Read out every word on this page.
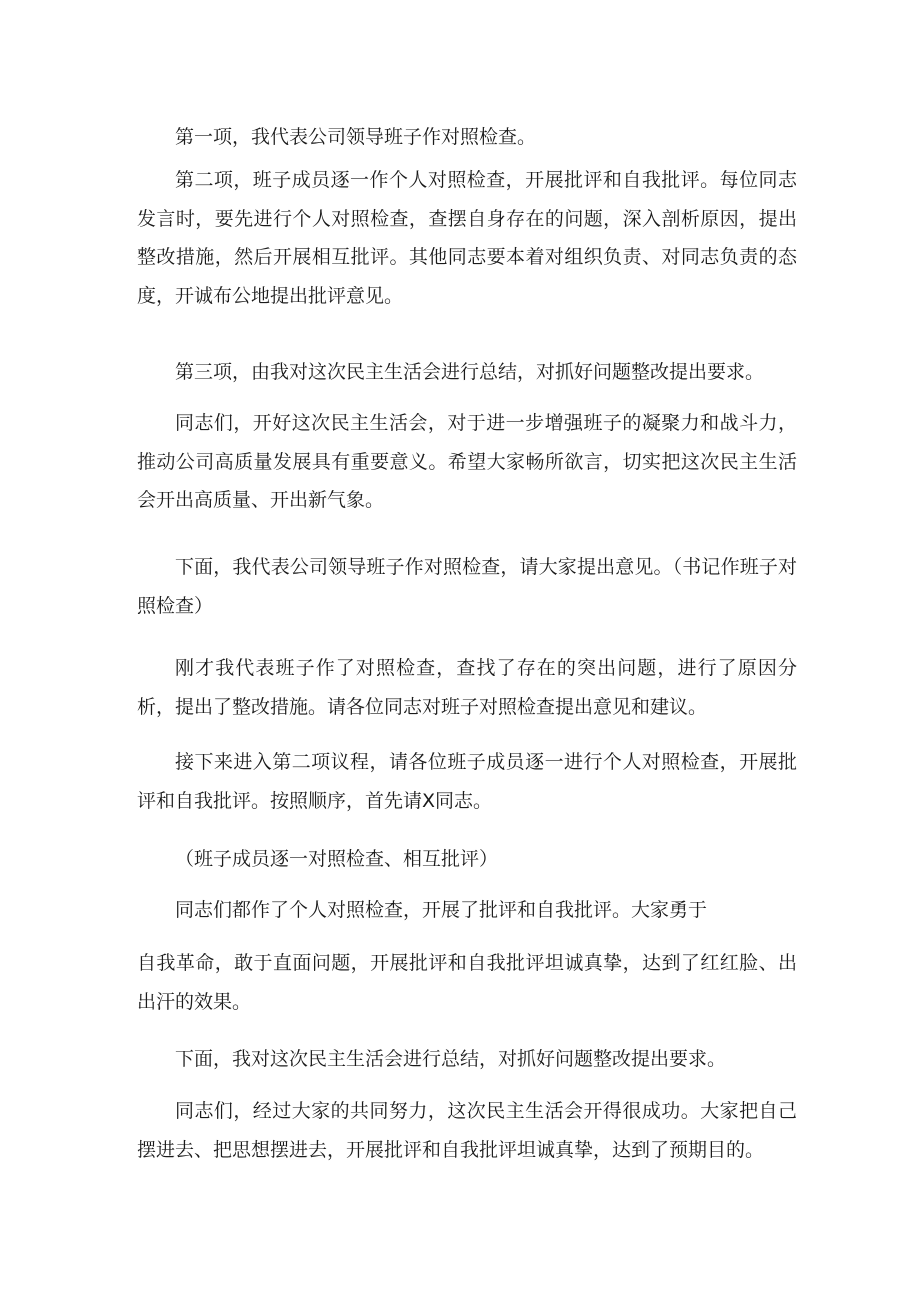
第一项，我代表公司领导班子作对照检查。

第二项，班子成员逐一作个人对照检查，开展批评和自我批评。每位同志发言时，要先进行个人对照检查，查摆自身存在的问题，深入剖析原因，提出整改措施，然后开展相互批评。其他同志要本着对组织负责、对同志负责的态度，开诚布公地提出批评意见。

第三项，由我对这次民主生活会进行总结，对抓好问题整改提出要求。

同志们，开好这次民主生活会，对于进一步增强班子的凝聚力和战斗力，推动公司高质量发展具有重要意义。希望大家畅所欲言，切实把这次民主生活会开出高质量、开出新气象。

下面，我代表公司领导班子作对照检查，请大家提出意见。（书记作班子对照检查）

刚才我代表班子作了对照检查，查找了存在的突出问题，进行了原因分析，提出了整改措施。请各位同志对班子对照检查提出意见和建议。

接下来进入第二项议程，请各位班子成员逐一进行个人对照检查，开展批评和自我批评。按照顺序，首先请X同志。

（班子成员逐一对照检查、相互批评）

同志们都作了个人对照检查，开展了批评和自我批评。大家勇于

自我革命，敢于直面问题，开展批评和自我批评坦诚真挚，达到了红红脸、出出汗的效果。

下面，我对这次民主生活会进行总结，对抓好问题整改提出要求。

同志们，经过大家的共同努力，这次民主生活会开得很成功。大家把自己摆进去、把思想摆进去，开展批评和自我批评坦诚真挚，达到了预期目的。
